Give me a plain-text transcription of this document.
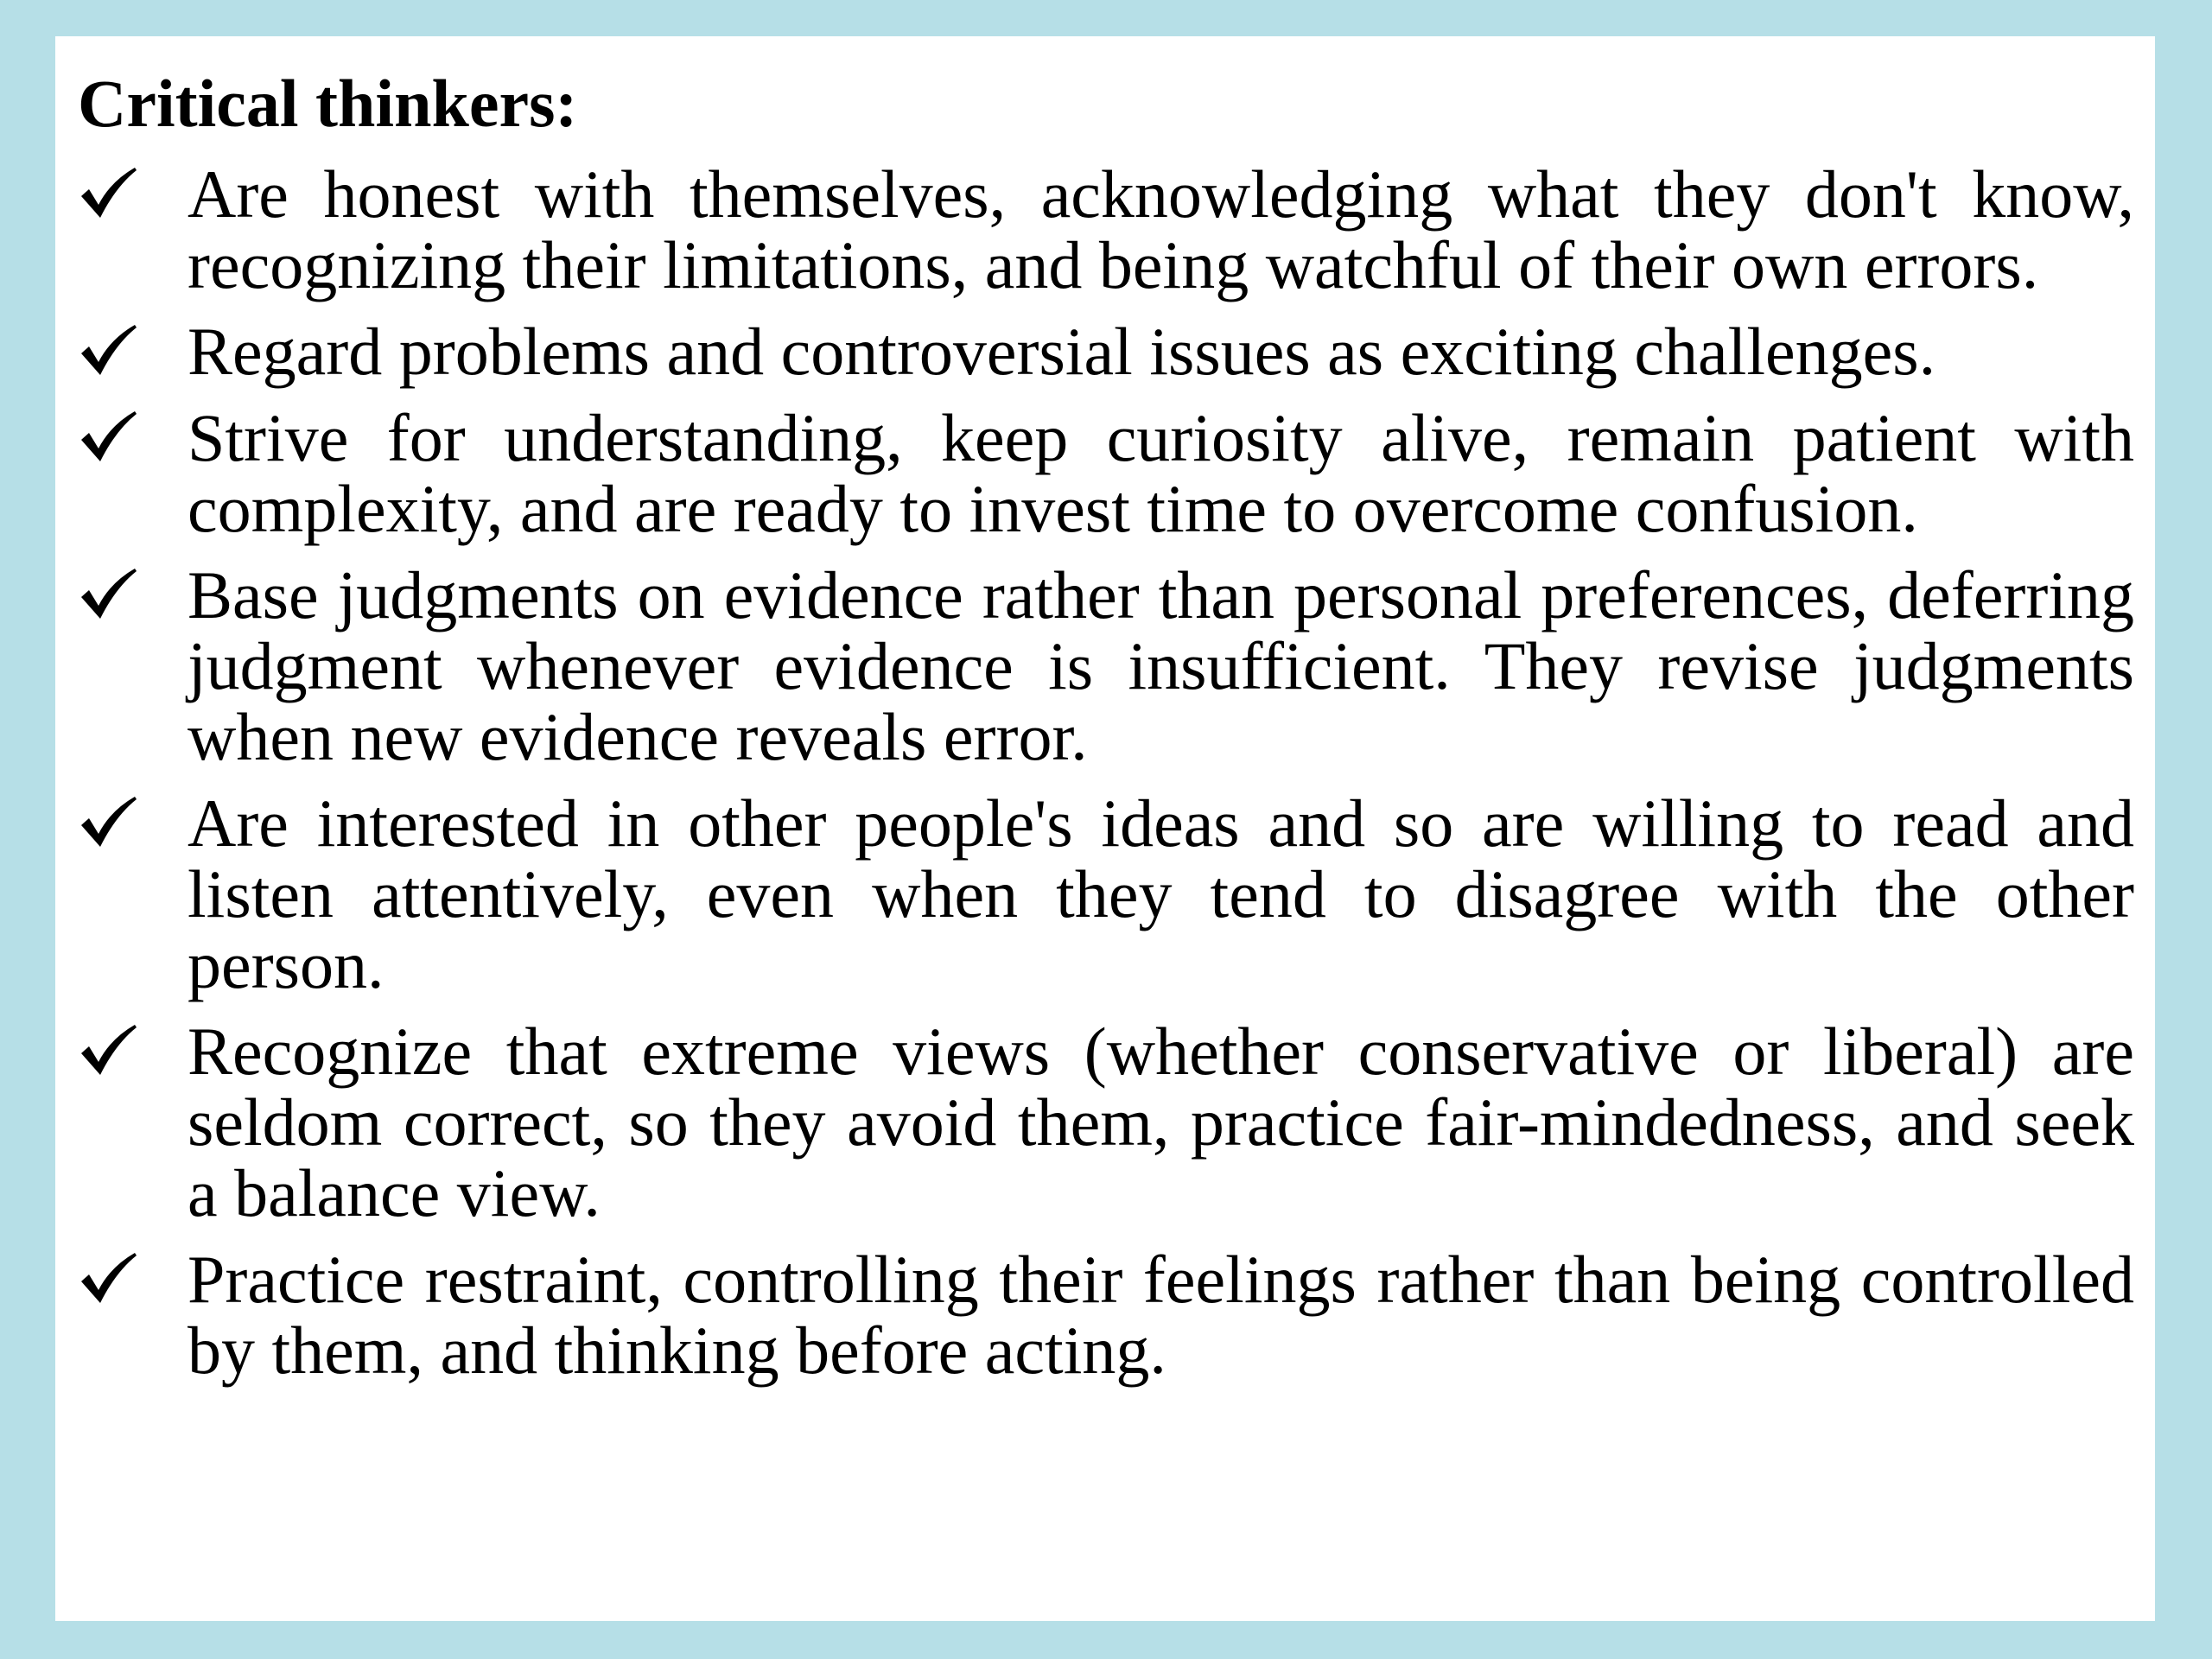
Critical thinkers:
Are honest with themselves, acknowledging what they don't know, recognizing their limitations, and being watchful of their own errors.
Regard problems and controversial issues as exciting challenges.
Strive for understanding, keep curiosity alive, remain patient with complexity, and are ready to invest time to overcome confusion.
Base judgments on evidence rather than personal preferences, deferring judgment whenever evidence is insufficient. They revise judgments when new evidence reveals error.
Are interested in other people's ideas and so are willing to read and listen attentively, even when they tend to disagree with the other person.
Recognize that extreme views (whether conservative or liberal) are seldom correct, so they avoid them, practice fair-mindedness, and seek a balance view.
Practice restraint, controlling their feelings rather than being controlled by them, and thinking before acting.
